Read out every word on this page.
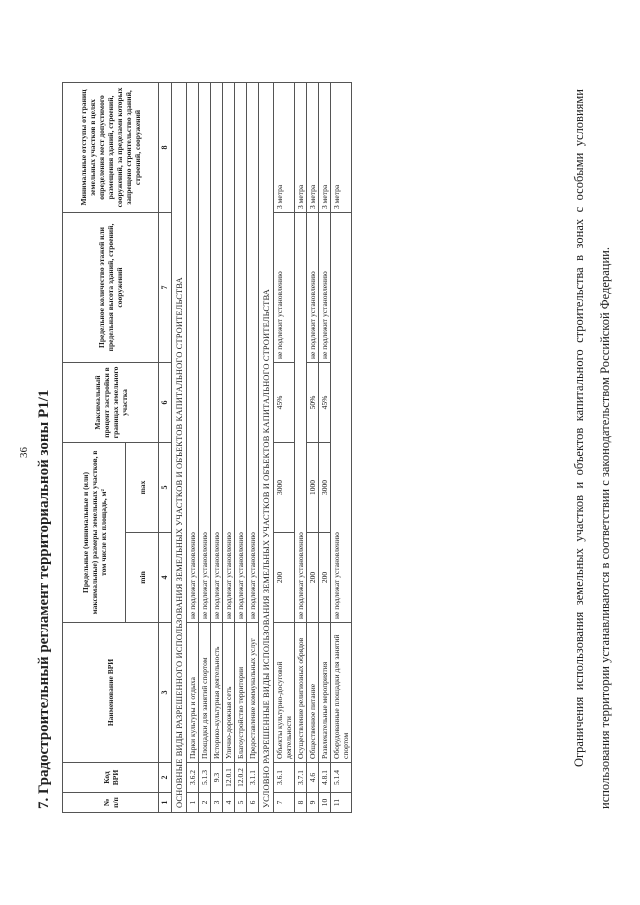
36 7. Градостроительный регламент территориальной зоны Р1/1	№ п/п	Код ВРИ	Наименование ВРИ	Предельные (минимальные и (или) максимальные) размеры земельных участков, в том числе их площадь, м²		Максимальный процент застройки в границах земельного участка	Предельное количество этажей или предельная высота зданий, строений, сооружений	Минимальные отступы от границ земельных участков в целях определения мест допустимого размещения зданий, строений, сооружений, за пределами которых запрещено строительство зданий, строений, сооружений
			min	max			
1	2	3	4	5	6	7	8
ОСНОВНЫЕ ВИДЫ РАЗРЕШЕННОГО ИСПОЛЬЗОВАНИЯ ЗЕМЕЛЬНЫХ УЧАСТКОВ И ОБЪЕКТОВ КАПИТАЛЬНОГО СТРОИТЕЛЬСТВА							
1	3.6.2	Парки культуры и отдыха	не подлежат установлению				
2	5.1.3	Площадки для занятий спортом	не подлежат установлению				
3	9.3	Историко-культурная деятельность	не подлежат установлению				
4	12.0.1	Улично-дорожная сеть	не подлежат установлению				
5	12.0.2	Благоустройство территории	не подлежат установлению				
6	3.1.1	Предоставление коммунальных услуг	не подлежат установлению				
УСЛОВНО РАЗРЕШЕННЫЕ ВИДЫ ИСПОЛЬЗОВАНИЯ ЗЕМЕЛЬНЫХ УЧАСТКОВ И ОБЪЕКТОВ КАПИТАЛЬНОГО СТРОИТЕЛЬСТВА							
7	3.6.1	Объекты культурно-досуговой деятельности	200	3000	45%	не подлежит установлению	3 метра
8	3.7.1	Осуществление религиозных обрядов	не подлежат установлению				3 метра
9	4.6	Общественное питание	200	1000	50%	не подлежит установлению	3 метра
10	4.8.1	Развлекательные мероприятия	200	3000	45%	не подлежит установлению	3 метра
11	5.1.4	Оборудованные площадки для занятий спортом	не подлежат установлению				3 метра	Ограничения использования земельных участков и объектов капитального строительства в зонах с особыми условиями использования территории устанавливаются в соответствии с законодательством Российской Федерации.
